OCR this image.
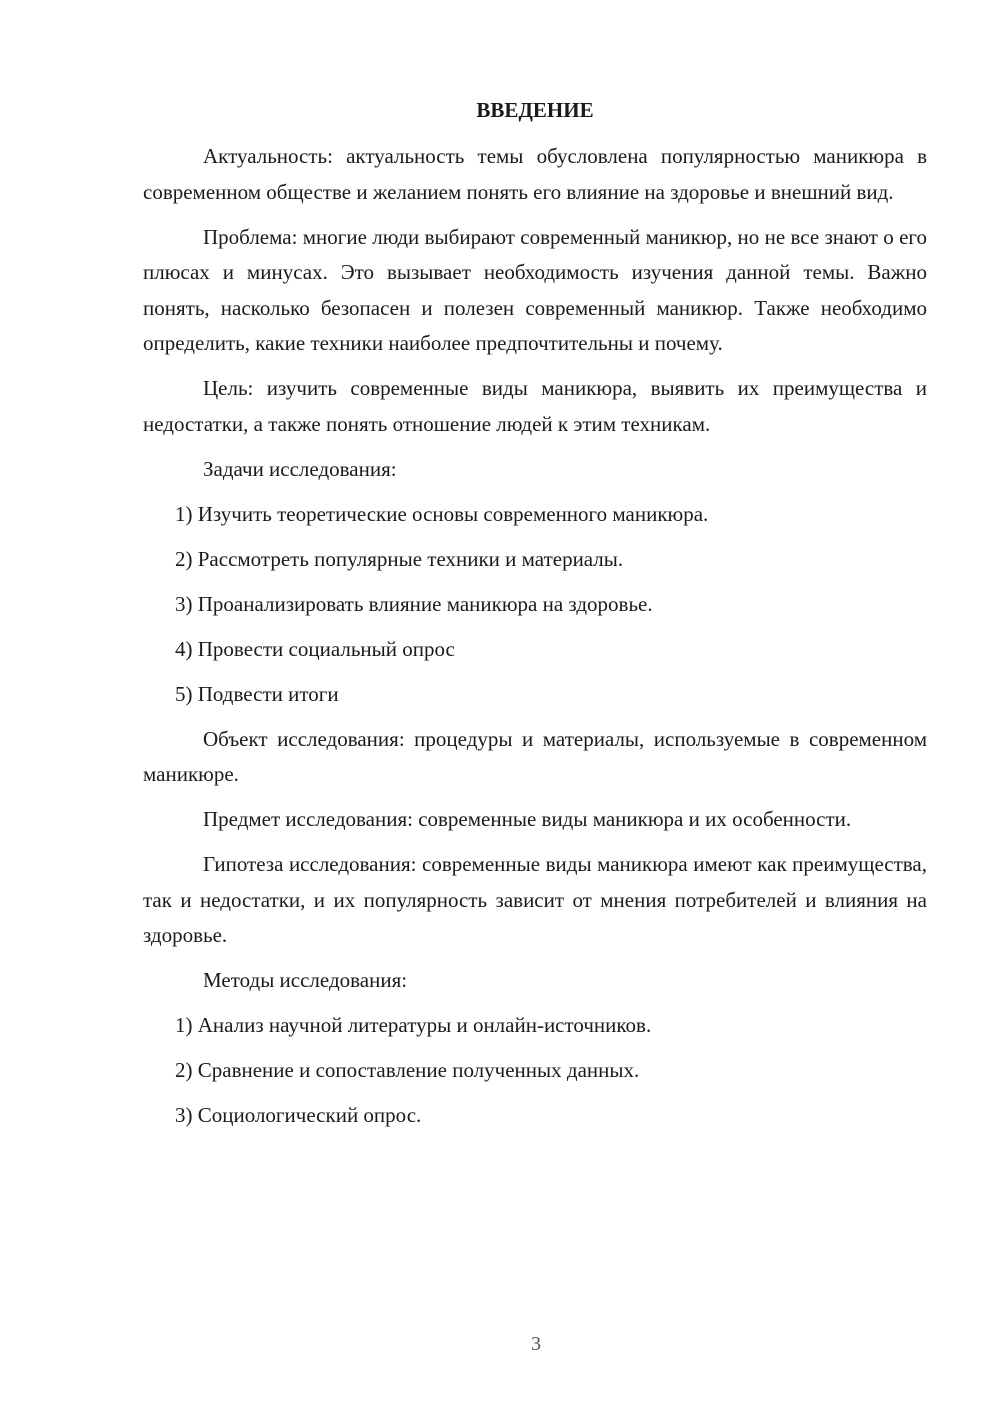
ВВЕДЕНИЕ

Актуальность: актуальность темы обусловлена популярностью маникюра в современном обществе и желанием понять его влияние на здоровье и внешний вид.

Проблема: многие люди выбирают современный маникюр, но не все знают о его плюсах и минусах. Это вызывает необходимость изучения данной темы. Важно понять, насколько безопасен и полезен современный маникюр. Также необходимо определить, какие техники наиболее предпочтительны и почему.

Цель: изучить современные виды маникюра, выявить их преимущества и недостатки, а также понять отношение людей к этим техникам.

Задачи исследования:

1) Изучить теоретические основы современного маникюра.

2) Рассмотреть популярные техники и материалы.

3) Проанализировать влияние маникюра на здоровье.

4) Провести социальный опрос

5) Подвести итоги

Объект исследования: процедуры и материалы, используемые в современном маникюре.

Предмет исследования: современные виды маникюра и их особенности.

Гипотеза исследования: современные виды маникюра имеют как преимущества, так и недостатки, и их популярность зависит от мнения потребителей и влияния на здоровье.

Методы исследования:

1) Анализ научной литературы и онлайн-источников.

2) Сравнение и сопоставление полученных данных.

3) Социологический опрос.

3
